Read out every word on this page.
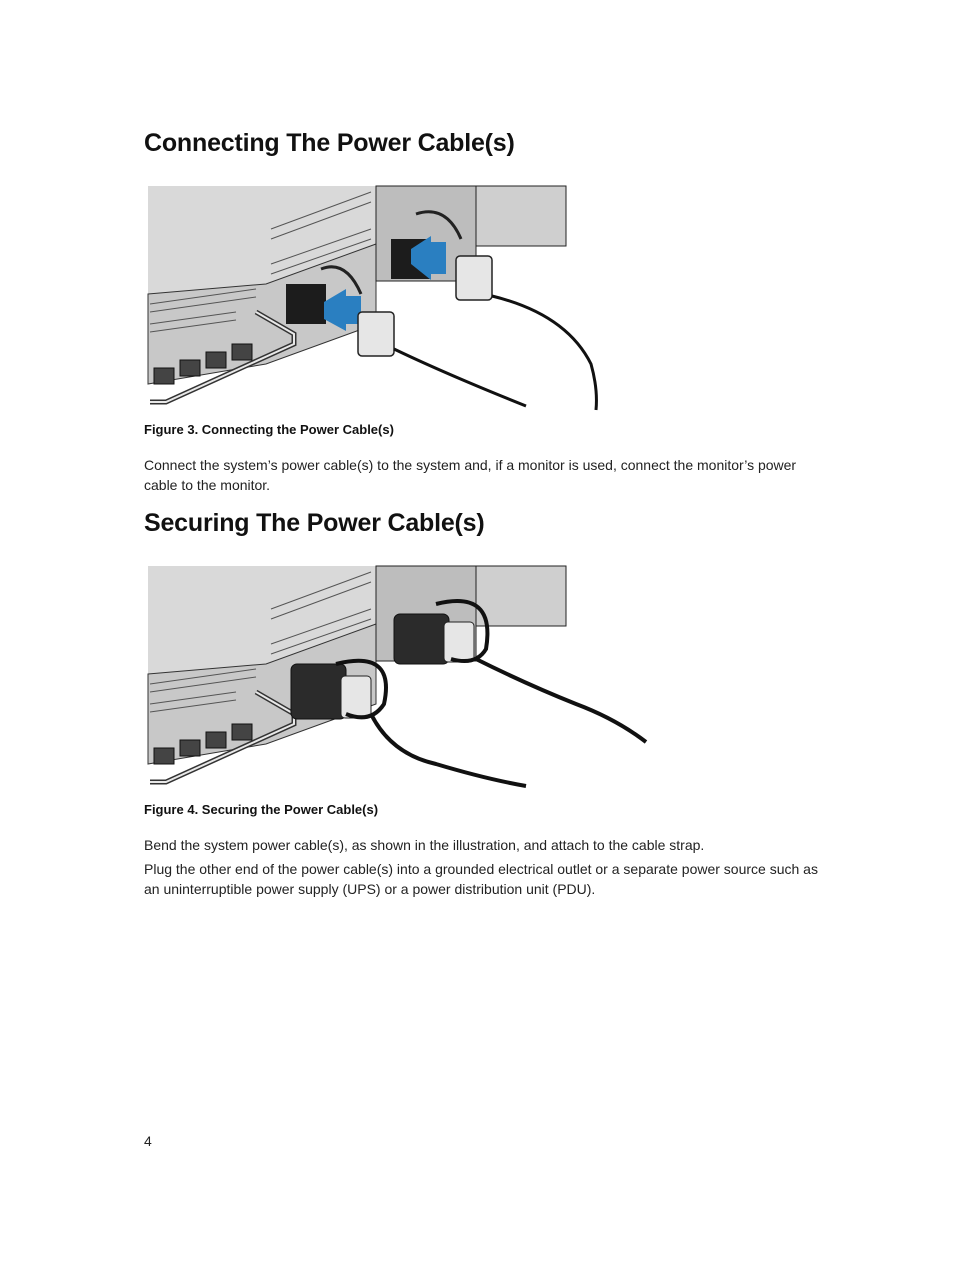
Connecting The Power Cable(s)
Figure 3. Connecting the Power Cable(s)

Connect the system’s power cable(s) to the system and, if a monitor is used, connect the monitor’s power cable to the monitor.

Securing The Power Cable(s)
Figure 4. Securing the Power Cable(s)

Bend the system power cable(s), as shown in the illustration, and attach to the cable strap.

Plug the other end of the power cable(s) into a grounded electrical outlet or a separate power source such as an uninterruptible power supply (UPS) or a power distribution unit (PDU).

4
